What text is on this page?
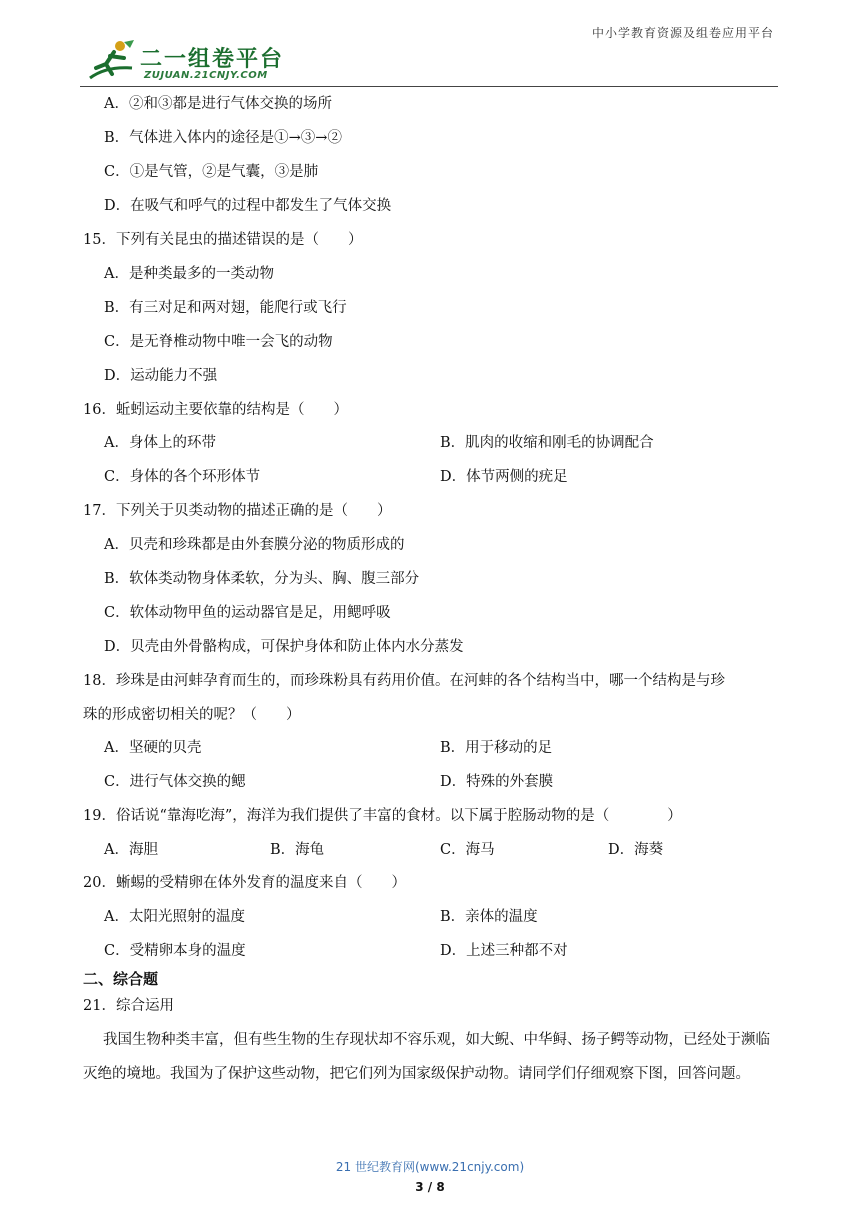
中小学教育资源及组卷应用平台
二一组卷平台
ZUJUAN.21CNJY.COM
A．②和③都是进行气体交换的场所
B．气体进入体内的途径是①→③→②
C．①是气管，②是气囊，③是肺
D．在吸气和呼气的过程中都发生了气体交换
15．下列有关昆虫的描述错误的是（　　）
A．是种类最多的一类动物
B．有三对足和两对翅，能爬行或飞行
C．是无脊椎动物中唯一会飞的动物
D．运动能力不强
16．蚯蚓运动主要依靠的结构是（　　）
A．身体上的环带	B．肌肉的收缩和刚毛的协调配合
C．身体的各个环形体节	D．体节两侧的疣足
17．下列关于贝类动物的描述正确的是（　　）
A．贝壳和珍珠都是由外套膜分泌的物质形成的
B．软体类动物身体柔软，分为头、胸、腹三部分
C．软体动物甲鱼的运动器官是足，用鳃呼吸
D．贝壳由外骨骼构成，可保护身体和防止体内水分蒸发
18．珍珠是由河蚌孕育而生的，而珍珠粉具有药用价值。在河蚌的各个结构当中，哪一个结构是与珍
珠的形成密切相关的呢？（　　）
A．坚硬的贝壳	B．用于移动的足
C．进行气体交换的鳃	D．特殊的外套膜
19．俗话说“靠海吃海”，海洋为我们提供了丰富的食材。以下属于腔肠动物的是（　　　　）
A．海胆	B．海龟	C．海马	D．海葵
20．蜥蜴的受精卵在体外发育的温度来自（　　）
A．太阳光照射的温度	B．亲体的温度
C．受精卵本身的温度	D．上述三种都不对
二、综合题
21．综合运用
我国生物种类丰富，但有些生物的生存现状却不容乐观，如大鲵、中华鲟、扬子鳄等动物，已经处于濒临灭绝的境地。我国为了保护这些动物，把它们列为国家级保护动物。请同学们仔细观察下图，回答问题。
21 世纪教育网(www.21cnjy.com)
3 / 8
